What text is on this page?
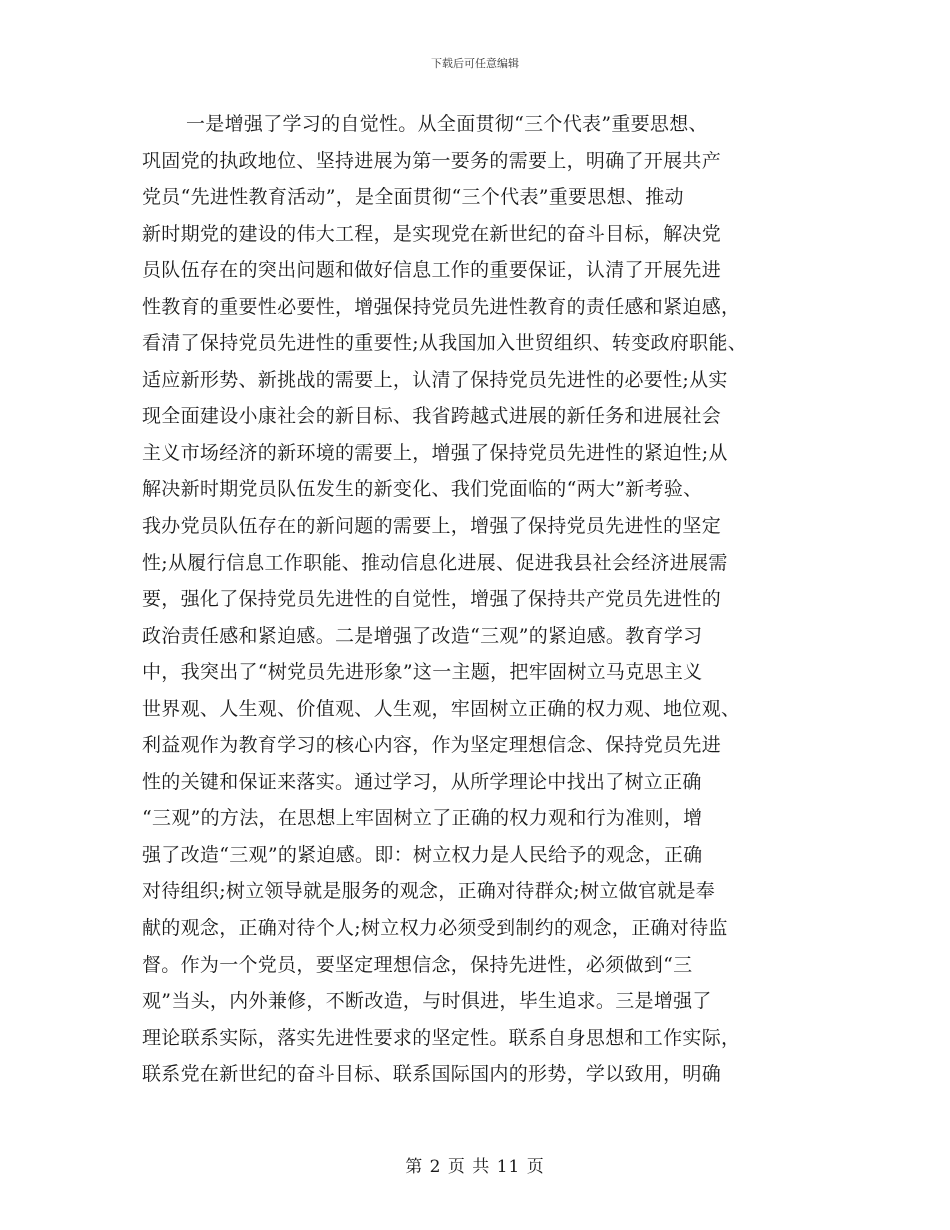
下载后可任意编辑
一是增强了学习的自觉性。从全面贯彻“三个代表”重要思想、
巩固党的执政地位、坚持进展为第一要务的需要上，明确了开展共产
党员“先进性教育活动”，是全面贯彻“三个代表”重要思想、推动
新时期党的建设的伟大工程，是实现党在新世纪的奋斗目标，解决党
员队伍存在的突出问题和做好信息工作的重要保证，认清了开展先进
性教育的重要性必要性，增强保持党员先进性教育的责任感和紧迫感，
看清了保持党员先进性的重要性;从我国加入世贸组织、转变政府职能、
适应新形势、新挑战的需要上，认清了保持党员先进性的必要性;从实
现全面建设小康社会的新目标、我省跨越式进展的新任务和进展社会
主义市场经济的新环境的需要上，增强了保持党员先进性的紧迫性;从
解决新时期党员队伍发生的新变化、我们党面临的“两大”新考验、
我办党员队伍存在的新问题的需要上，增强了保持党员先进性的坚定
性;从履行信息工作职能、推动信息化进展、促进我县社会经济进展需
要，强化了保持党员先进性的自觉性，增强了保持共产党员先进性的
政治责任感和紧迫感。二是增强了改造“三观”的紧迫感。教育学习
中，我突出了“树党员先进形象”这一主题，把牢固树立马克思主义
世界观、人生观、价值观、人生观，牢固树立正确的权力观、地位观、
利益观作为教育学习的核心内容，作为坚定理想信念、保持党员先进
性的关键和保证来落实。通过学习，从所学理论中找出了树立正确
“三观”的方法，在思想上牢固树立了正确的权力观和行为准则，增
强了改造“三观”的紧迫感。即：树立权力是人民给予的观念，正确
对待组织;树立领导就是服务的观念，正确对待群众;树立做官就是奉
献的观念，正确对待个人;树立权力必须受到制约的观念，正确对待监
督。作为一个党员，要坚定理想信念，保持先进性，必须做到“三
观”当头，内外兼修，不断改造，与时俱进，毕生追求。三是增强了
理论联系实际，落实先进性要求的坚定性。联系自身思想和工作实际，
联系党在新世纪的奋斗目标、联系国际国内的形势，学以致用，明确
第 2 页 共 11 页
